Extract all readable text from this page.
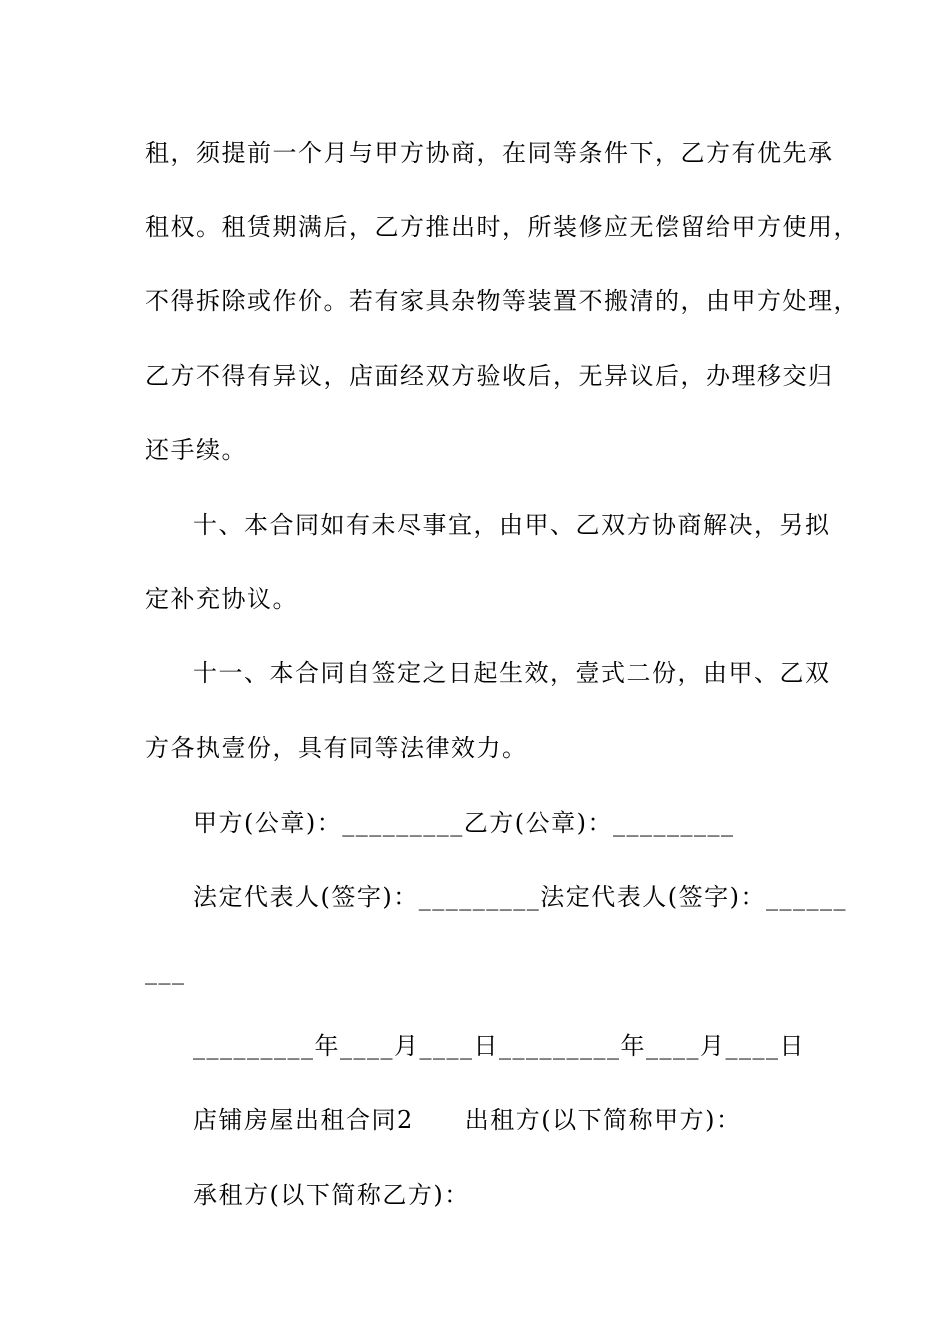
租，须提前一个月与甲方协商，在同等条件下，乙方有优先承
租权。租赁期满后，乙方推出时，所装修应无偿留给甲方使用，
不得拆除或作价。若有家具杂物等装置不搬清的，由甲方处理，
乙方不得有异议，店面经双方验收后，无异议后，办理移交归
还手续。
十、本合同如有未尽事宜，由甲、乙双方协商解决，另拟
定补充协议。
十一、本合同自签定之日起生效，壹式二份，由甲、乙双
方各执壹份，具有同等法律效力。
甲方(公章)：_________乙方(公章)：_________
法定代表人(签字)：_________法定代表人(签字)：______
___
_________年____月____日_________年____月____日
店铺房屋出租合同2　　出租方(以下简称甲方)：
承租方(以下简称乙方)：
